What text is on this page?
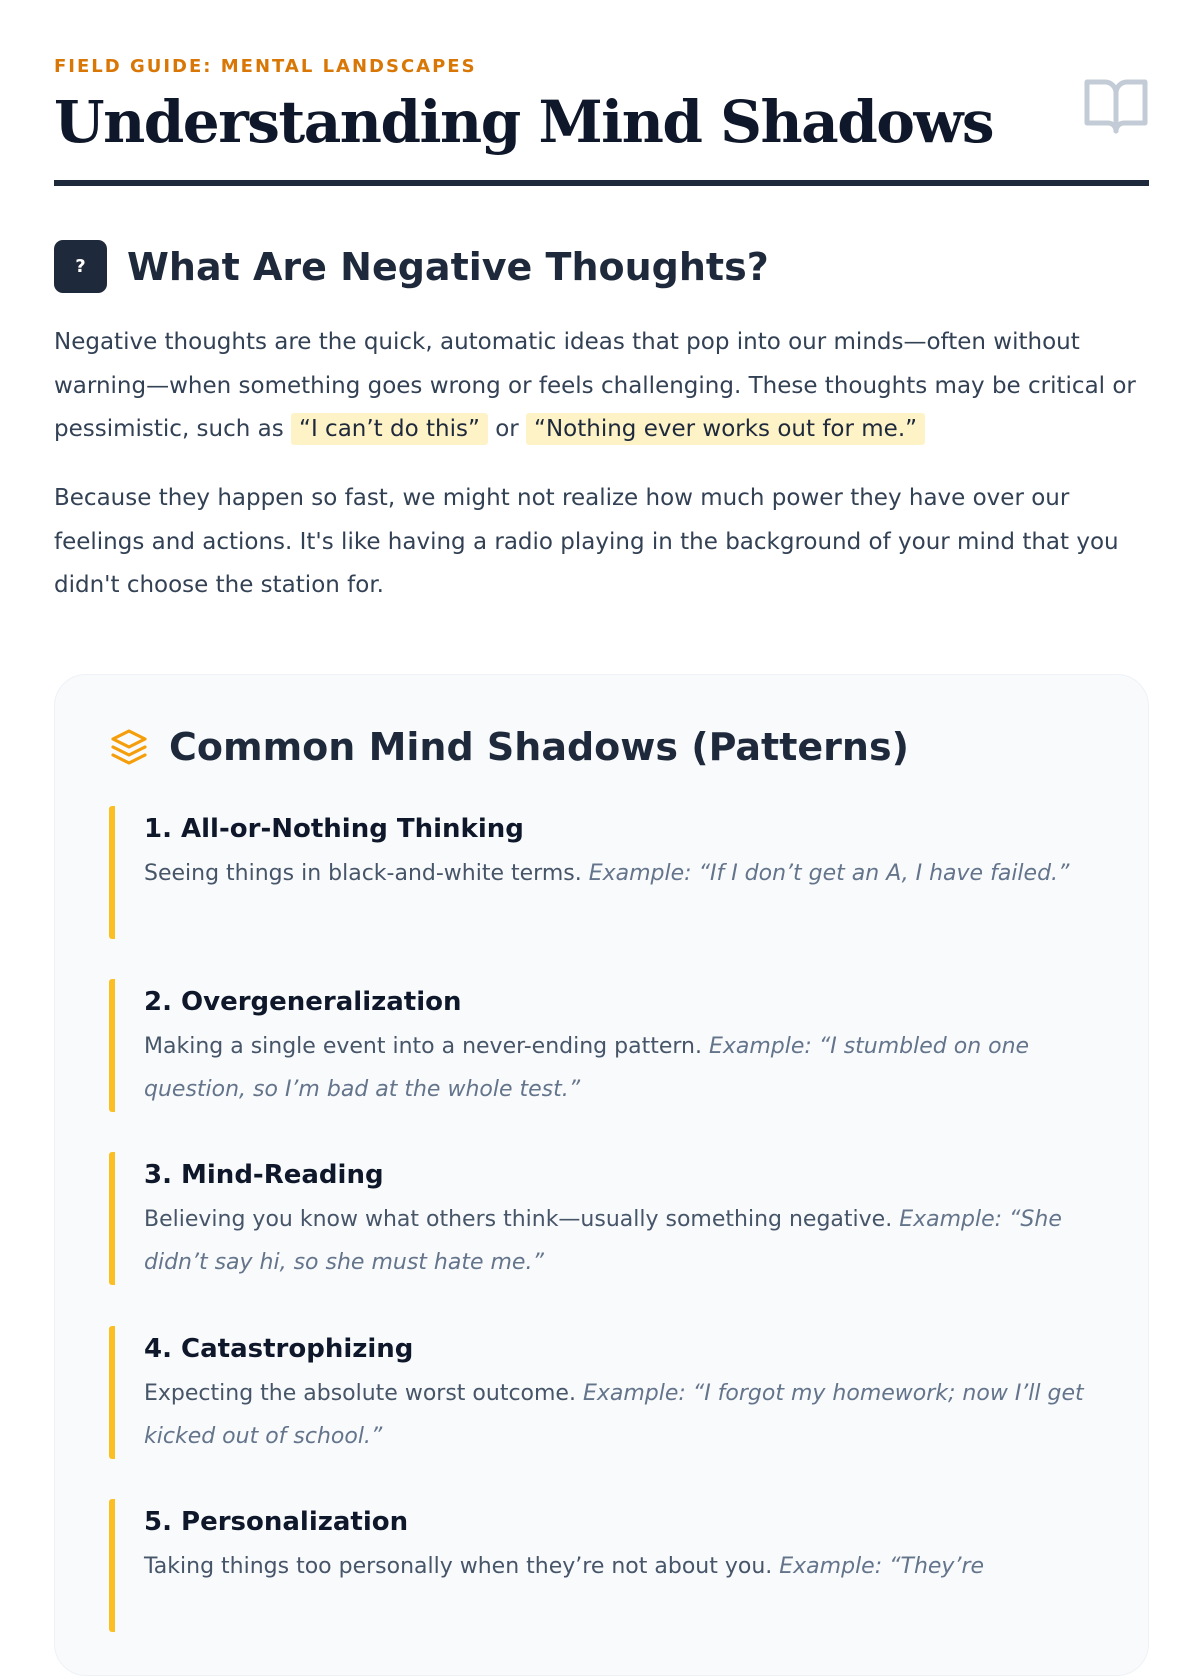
FIELD GUIDE: MENTAL LANDSCAPES
Understanding Mind Shadows
?	What Are Negative Thoughts?

Negative thoughts are the quick, automatic ideas that pop into our minds—often without warning—when something goes wrong or feels challenging. These thoughts may be critical or pessimistic, such as “I can’t do this” or “Nothing ever works out for me.”

Because they happen so fast, we might not realize how much power they have over our feelings and actions. It's like having a radio playing in the background of your mind that you didn't choose the station for.

Common Mind Shadows (Patterns)
1. All-or-Nothing Thinking

Seeing things in black-and-white terms. Example: “If I don’t get an A, I have failed.”

2. Overgeneralization

Making a single event into a never-ending pattern. Example: “I stumbled on one question, so I’m bad at the whole test.”

3. Mind-Reading

Believing you know what others think—usually something negative. Example: “She didn’t say hi, so she must hate me.”

4. Catastrophizing

Expecting the absolute worst outcome. Example: “I forgot my homework; now I’ll get kicked out of school.”

5. Personalization

Taking things too personally when they’re not about you. Example: “They’re
